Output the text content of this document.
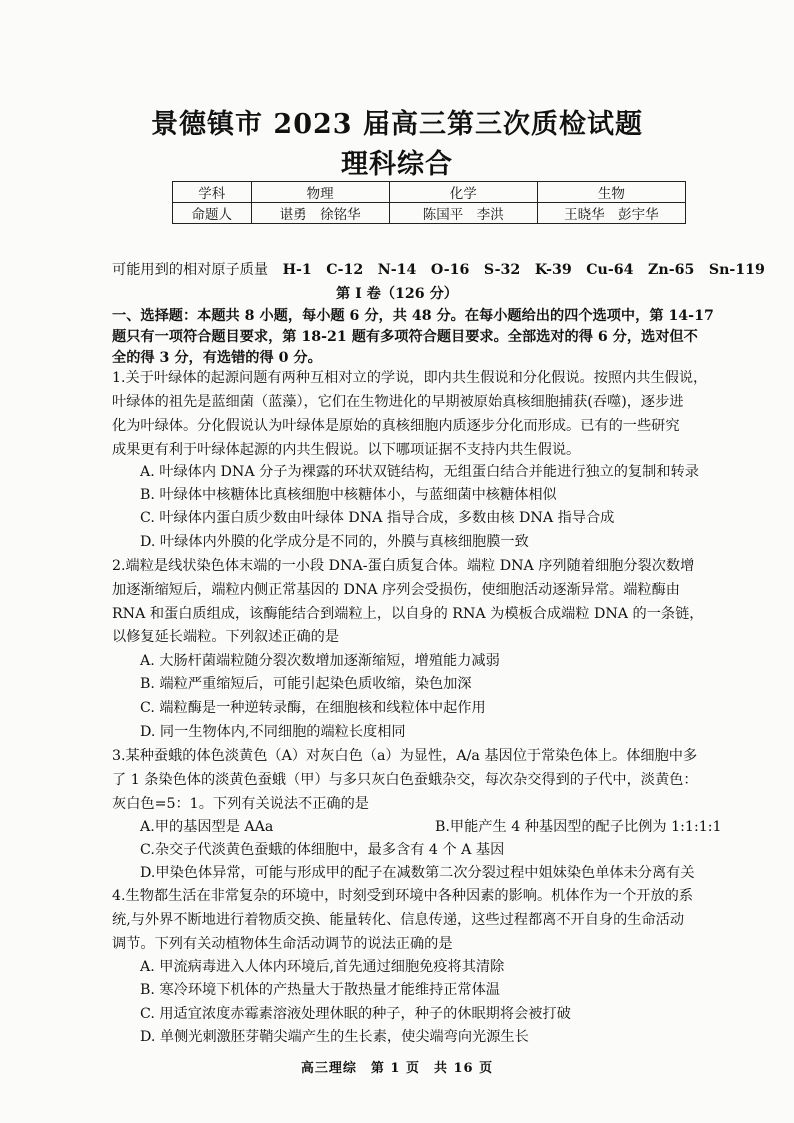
景德镇市 2023 届高三第三次质检试题
理科综合
学科	物理	化学	生物
命题人	谌勇　徐铭华	陈国平　李洪	王晓华　彭宇华
可能用到的相对原子质量 H-1 C-12 N-14 O-16 S-32 K-39 Cu-64 Zn-65 Sn-119
第 I 卷（126 分）
一、选择题：本题共 8 小题，每小题 6 分，共 48 分。在每小题给出的四个选项中，第 14-17
题只有一项符合题目要求，第 18-21 题有多项符合题目要求。全部选对的得 6 分，选对但不
全的得 3 分，有选错的得 0 分。
1.关于叶绿体的起源问题有两种互相对立的学说，即内共生假说和分化假说。按照内共生假说，
叶绿体的祖先是蓝细菌（蓝藻），它们在生物进化的早期被原始真核细胞捕获(吞噬)，逐步进
化为叶绿体。分化假说认为叶绿体是原始的真核细胞内质逐步分化而形成。已有的一些研究
成果更有利于叶绿体起源的内共生假说。以下哪项证据不支持内共生假说。
A. 叶绿体内 DNA 分子为裸露的环状双链结构，无组蛋白结合并能进行独立的复制和转录
B. 叶绿体中核糖体比真核细胞中核糖体小，与蓝细菌中核糖体相似
C. 叶绿体内蛋白质少数由叶绿体 DNA 指导合成，多数由核 DNA 指导合成
D. 叶绿体内外膜的化学成分是不同的，外膜与真核细胞膜一致
2.端粒是线状染色体末端的一小段 DNA-蛋白质复合体。端粒 DNA 序列随着细胞分裂次数增
加逐渐缩短后，端粒内侧正常基因的 DNA 序列会受损伤，使细胞活动逐渐异常。端粒酶由
RNA 和蛋白质组成，该酶能结合到端粒上，以自身的 RNA 为模板合成端粒 DNA 的一条链，
以修复延长端粒。下列叙述正确的是
A. 大肠杆菌端粒随分裂次数增加逐渐缩短，增殖能力减弱
B. 端粒严重缩短后，可能引起染色质收缩，染色加深
C. 端粒酶是一种逆转录酶，在细胞核和线粒体中起作用
D. 同一生物体内,不同细胞的端粒长度相同
3.某种蚕蛾的体色淡黄色（A）对灰白色（a）为显性，A/a 基因位于常染色体上。体细胞中多
了 1 条染色体的淡黄色蚕蛾（甲）与多只灰白色蚕蛾杂交，每次杂交得到的子代中，淡黄色：
灰白色=5：1。下列有关说法不正确的是
A.甲的基因型是 AAa	B.甲能产生 4 种基因型的配子比例为 1:1:1:1
C.杂交子代淡黄色蚕蛾的体细胞中，最多含有 4 个 A 基因
D.甲染色体异常，可能与形成甲的配子在减数第二次分裂过程中姐妹染色单体未分离有关
4.生物都生活在非常复杂的环境中，时刻受到环境中各种因素的影响。机体作为一个开放的系
统,与外界不断地进行着物质交换、能量转化、信息传递，这些过程都离不开自身的生命活动
调节。下列有关动植物体生命活动调节的说法正确的是
A. 甲流病毒进入人体内环境后,首先通过细胞免疫将其清除
B. 寒冷环境下机体的产热量大于散热量才能维持正常体温
C. 用适宜浓度赤霉素溶液处理休眠的种子，种子的休眠期将会被打破
D. 单侧光刺激胚芽鞘尖端产生的生长素，使尖端弯向光源生长
高三理综　第 1 页　共 16 页
